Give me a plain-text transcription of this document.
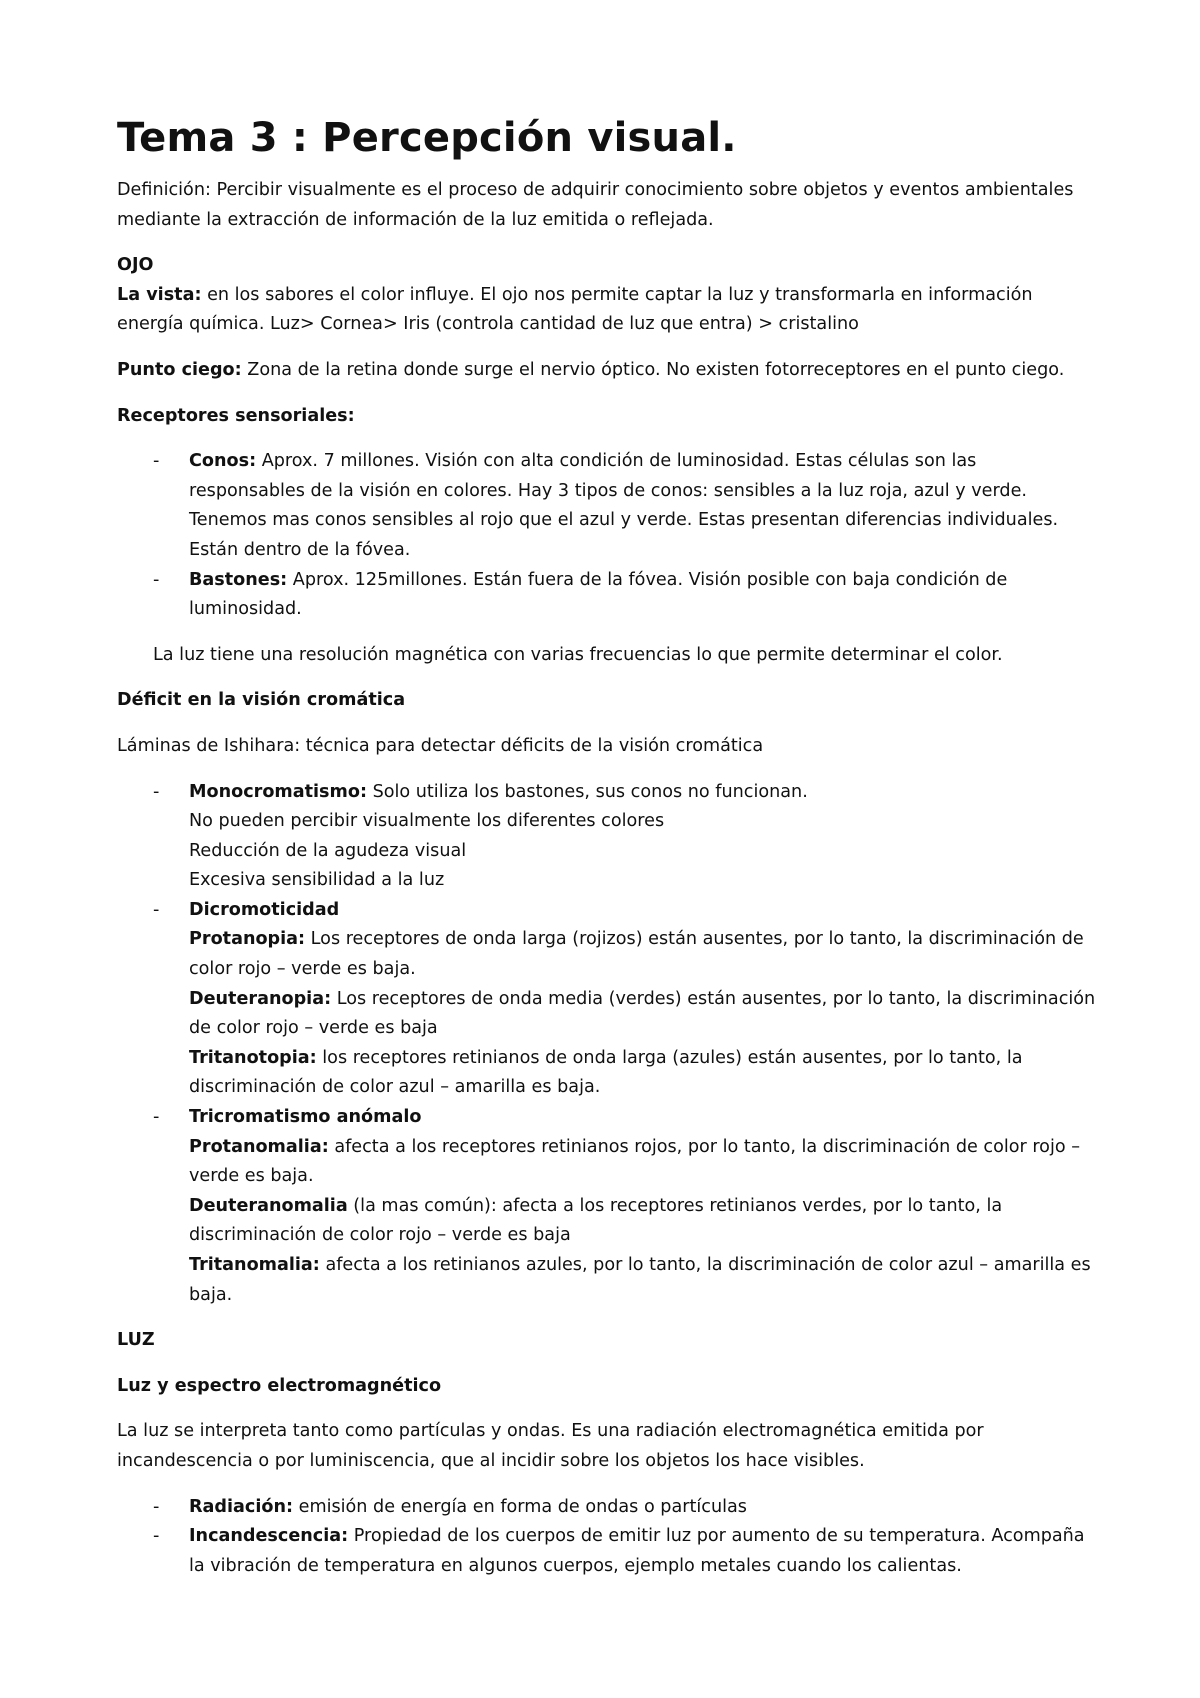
Tema 3 : Percepción visual.

Definición: Percibir visualmente es el proceso de adquirir conocimiento sobre objetos y eventos ambientales mediante la extracción de información de la luz emitida o reflejada.

OJO

La vista: en los sabores el color influye. El ojo nos permite captar la luz y transformarla en información energía química. Luz> Cornea> Iris (controla cantidad de luz que entra) > cristalino

Punto ciego: Zona de la retina donde surge el nervio óptico. No existen fotorreceptores en el punto ciego.

Receptores sensoriales:

- Conos: Aprox. 7 millones. Visión con alta condición de luminosidad. Estas células son las responsables de la visión en colores. Hay 3 tipos de conos: sensibles a la luz roja, azul y verde. Tenemos mas conos sensibles al rojo que el azul y verde. Estas presentan diferencias individuales. Están dentro de la fóvea.
- Bastones: Aprox. 125millones. Están fuera de la fóvea. Visión posible con baja condición de luminosidad.

La luz tiene una resolución magnética con varias frecuencias lo que permite determinar el color.

Déficit en la visión cromática

Láminas de Ishihara: técnica para detectar déficits de la visión cromática

- Monocromatismo: Solo utiliza los bastones, sus conos no funcionan.
No pueden percibir visualmente los diferentes colores
Reducción de la agudeza visual
Excesiva sensibilidad a la luz
- Dicromoticidad
Protanopia: Los receptores de onda larga (rojizos) están ausentes, por lo tanto, la discriminación de color rojo – verde es baja.
Deuteranopia: Los receptores de onda media (verdes) están ausentes, por lo tanto, la discriminación de color rojo – verde es baja
Tritanotopia: los receptores retinianos de onda larga (azules) están ausentes, por lo tanto, la discriminación de color azul – amarilla es baja.
- Tricromatismo anómalo
Protanomalia: afecta a los receptores retinianos rojos, por lo tanto, la discriminación de color rojo – verde es baja.
Deuteranomalia (la mas común): afecta a los receptores retinianos verdes, por lo tanto, la discriminación de color rojo – verde es baja
Tritanomalia: afecta a los retinianos azules, por lo tanto, la discriminación de color azul – amarilla es baja.

LUZ

Luz y espectro electromagnético

La luz se interpreta tanto como partículas y ondas. Es una radiación electromagnética emitida por incandescencia o por luminiscencia, que al incidir sobre los objetos los hace visibles.

- Radiación: emisión de energía en forma de ondas o partículas
- Incandescencia: Propiedad de los cuerpos de emitir luz por aumento de su temperatura. Acompaña la vibración de temperatura en algunos cuerpos, ejemplo metales cuando los calientas.
